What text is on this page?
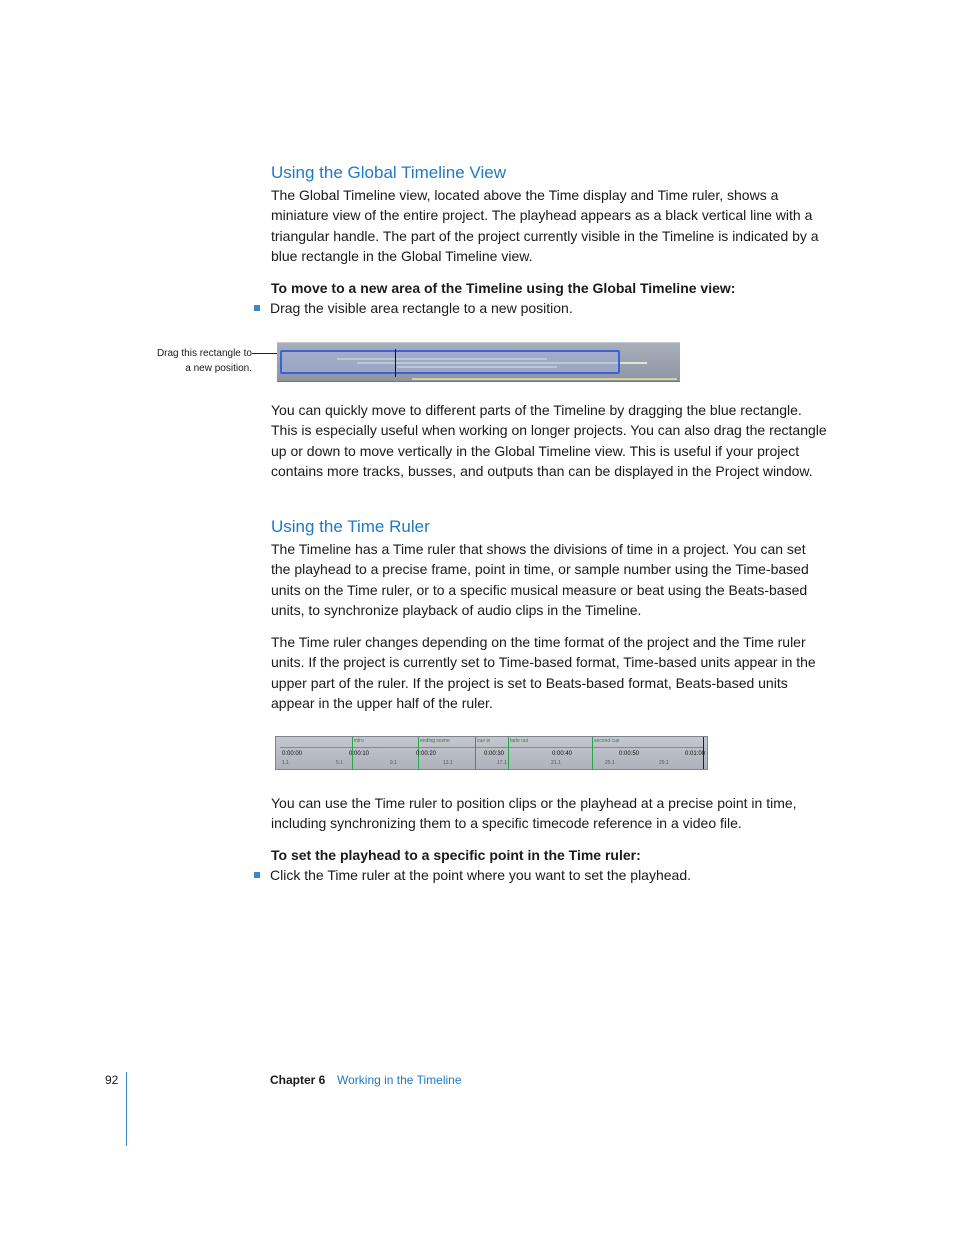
Using the Global Timeline View

The Global Timeline view, located above the Time display and Time ruler, shows a miniature view of the entire project. The playhead appears as a black vertical line with a triangular handle. The part of the project currently visible in the Timeline is indicated by a blue rectangle in the Global Timeline view.

To move to a new area of the Timeline using the Global Timeline view:

Drag the visible area rectangle to a new position.
Drag this rectangle to a new position.

You can quickly move to different parts of the Timeline by dragging the blue rectangle. This is especially useful when working on longer projects. You can also drag the rectangle up or down to move vertically in the Global Timeline view. This is useful if your project contains more tracks, busses, and outputs than can be displayed in the Project window.

Using the Time Ruler

The Timeline has a Time ruler that shows the divisions of time in a project. You can set the playhead to a precise frame, point in time, or sample number using the Time-based units on the Time ruler, or to a specific musical measure or beat using the Beats-based units, to synchronize playback of audio clips in the Timeline.

The Time ruler changes depending on the time format of the project and the Time ruler units. If the project is currently set to Time-based format, Time-based units appear in the upper part of the ruler. If the project is set to Beats-based format, Beats-based units appear in the upper half of the ruler.

intro	ending scene	cue in	fade out	second cue
0:00:00	0:00:10	0:00:20	0:00:30	0:00:40	0:00:50	0:01:00
1.1	5.1	9.1	13.1	17.1	21.1	25.1	29.1

You can use the Time ruler to position clips or the playhead at a precise point in time, including synchronizing them to a specific timecode reference in a video file.

To set the playhead to a specific point in the Time ruler:

Click the Time ruler at the point where you want to set the playhead.
92	Chapter 6 Working in the Timeline
